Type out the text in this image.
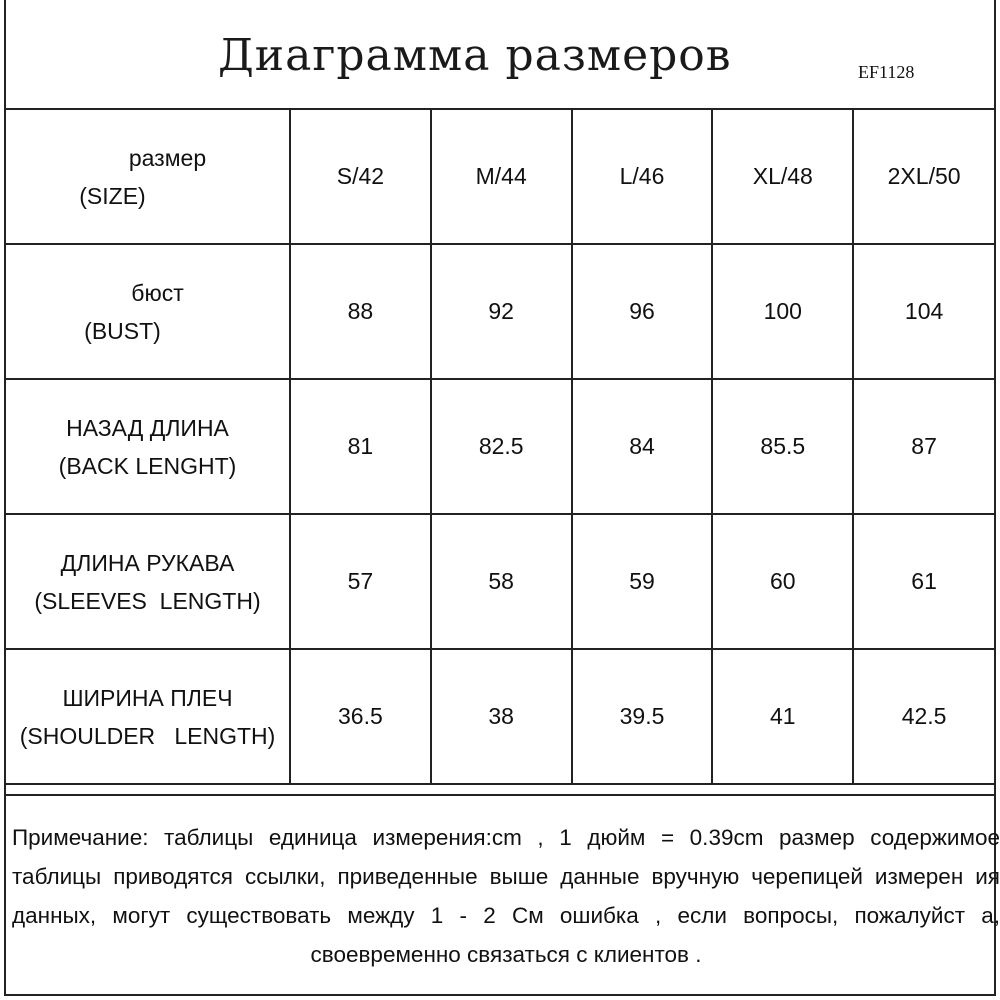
Диаграмма размеров	EF1128
размер
(SIZE)	S/42	M/44	L/46	XL/48	2XL/50

бюст
(BUST)	88	92	96	100	104

НАЗАД ДЛИНА
(BACK LENGHT)	81	82.5	84	85.5	87

ДЛИНА РУКАВА
(SLEEVES  LENGTH)	57	58	59	60	61

ШИРИНА ПЛЕЧ
(SHOULDER   LENGTH)	36.5	38	39.5	41	42.5

Примечание: таблицы единица измерения:cm , 1 дюйм = 0.39cm размер содержимое таблицы приводятся ссылки, приведенные выше данные вручную черепицей измерен ия данных, могут существовать между 1 - 2 См ошибка , если вопросы, пожалуйст а, своевременно связаться с клиентов .
